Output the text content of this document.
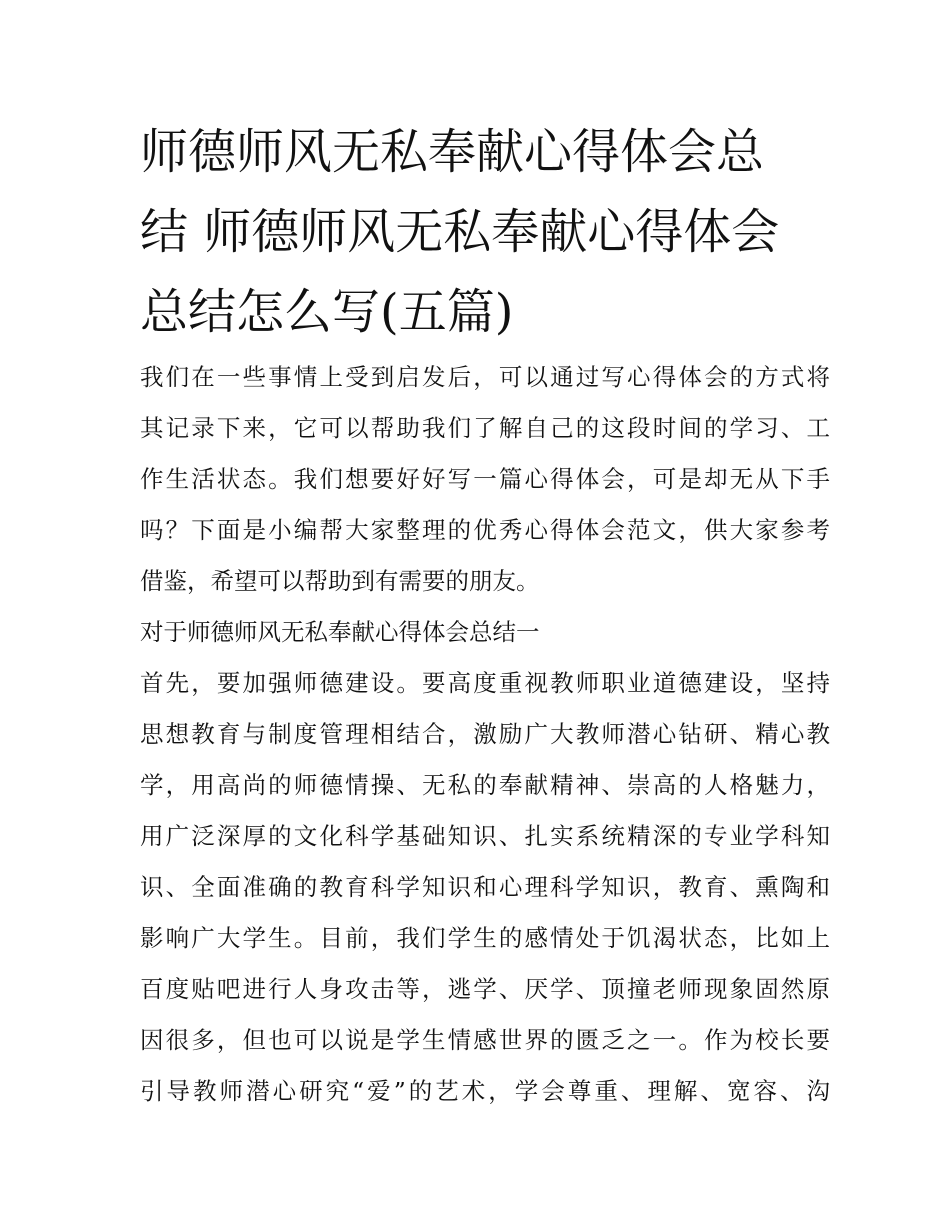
师德师风无私奉献心得体会总
结 师德师风无私奉献心得体会
总结怎么写(五篇)

我们在一些事情上受到启发后，可以通过写心得体会的方式将
其记录下来，它可以帮助我们了解自己的这段时间的学习、工
作生活状态。我们想要好好写一篇心得体会，可是却无从下手
吗？下面是小编帮大家整理的优秀心得体会范文，供大家参考
借鉴，希望可以帮助到有需要的朋友。

对于师德师风无私奉献心得体会总结一

首先，要加强师德建设。要高度重视教师职业道德建设，坚持
思想教育与制度管理相结合，激励广大教师潜心钻研、精心教
学，用高尚的师德情操、无私的奉献精神、崇高的人格魅力，
用广泛深厚的文化科学基础知识、扎实系统精深的专业学科知
识、全面准确的教育科学知识和心理科学知识，教育、熏陶和
影响广大学生。目前，我们学生的感情处于饥渴状态，比如上
百度贴吧进行人身攻击等，逃学、厌学、顶撞老师现象固然原
因很多，但也可以说是学生情感世界的匮乏之一。作为校长要
引导教师潜心研究“爱”的艺术，学会尊重、理解、宽容、沟
